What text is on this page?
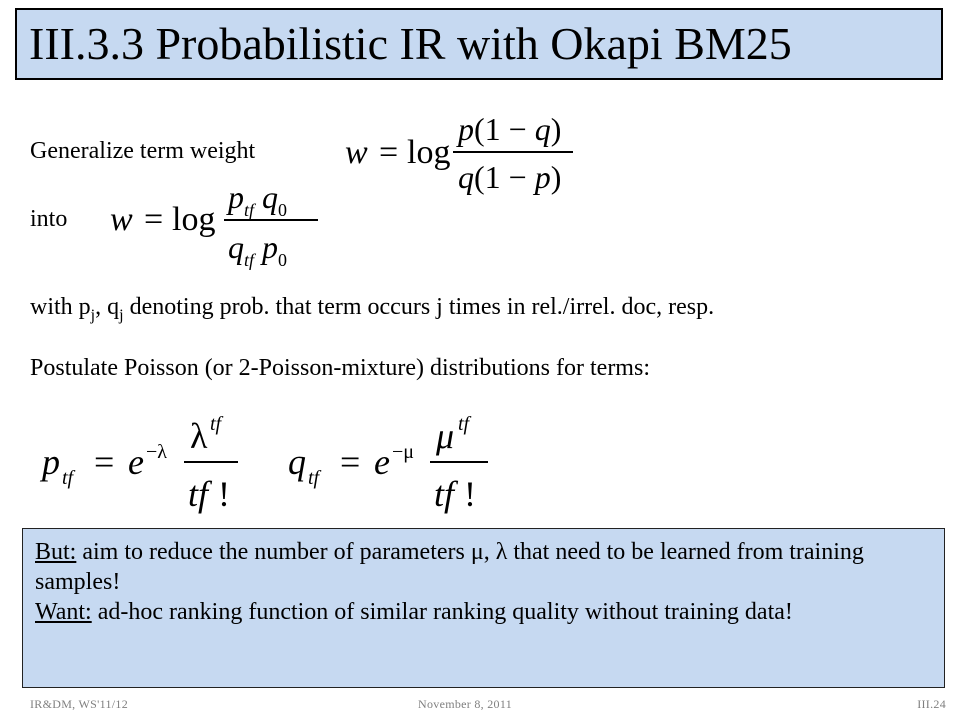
III.3.3 Probabilistic IR with Okapi BM25
Generalize term weight	w = log
p(1 − q)
q(1 − p)
into w = log
$p_{tf}$ $q_0$
$q_{tf}$ $p_0$
with $p_j$, $q_j$ denoting prob. that term occurs j times in rel./irrel. doc, resp.
Postulate Poisson (or 2-Poisson-mixture) distributions for terms:
p tf = e −λ λ tf
tf !
q tf = e −μ μ tf
tf !

But: aim to reduce the number of parameters μ, λ that need to be learned from training samples!

Want: ad-hoc ranking function of similar ranking quality without training data!

IR&DM, WS'11/12	November 8, 2011	III.24
